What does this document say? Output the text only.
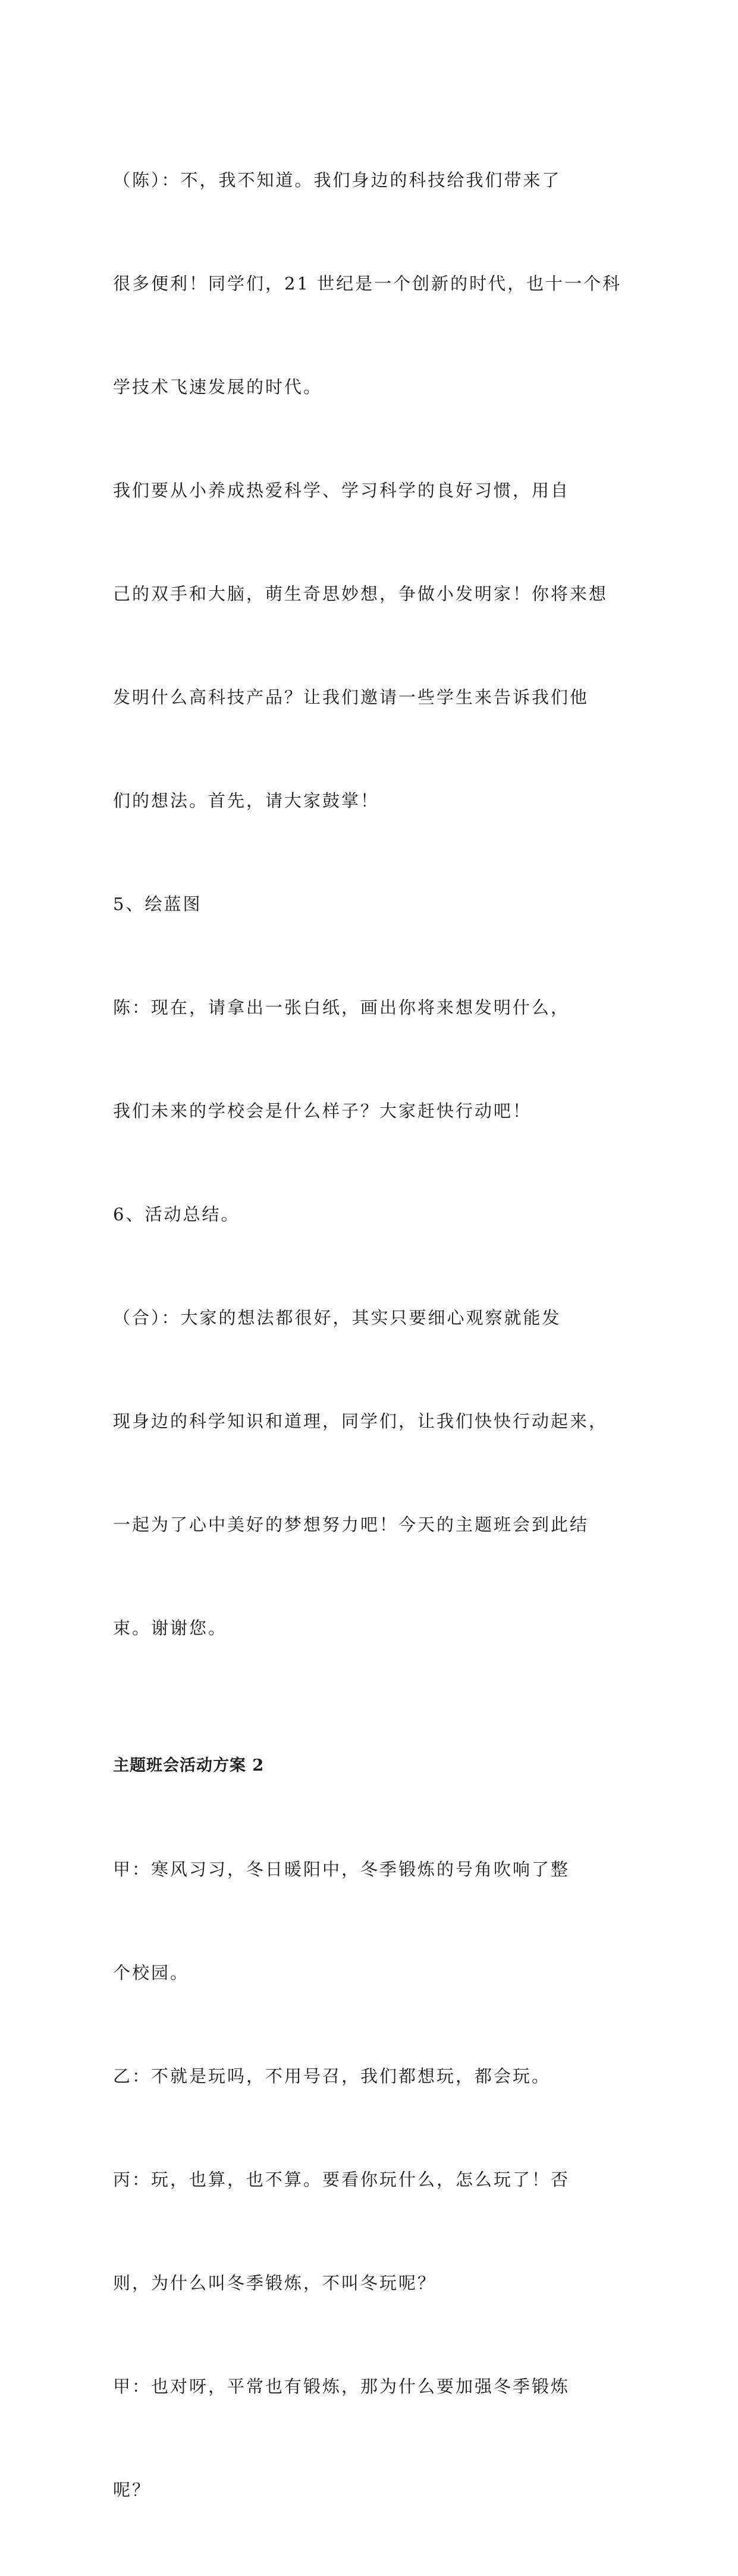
（陈）：不，我不知道。我们身边的科技给我们带来了

很多便利！同学们，21 世纪是一个创新的时代，也十一个科

学技术飞速发展的时代。

我们要从小养成热爱科学、学习科学的良好习惯，用自

己的双手和大脑，萌生奇思妙想，争做小发明家！你将来想

发明什么高科技产品？让我们邀请一些学生来告诉我们他

们的想法。首先，请大家鼓掌！

5、绘蓝图

陈：现在，请拿出一张白纸，画出你将来想发明什么，

我们未来的学校会是什么样子？大家赶快行动吧！

6、活动总结。

（合）：大家的想法都很好，其实只要细心观察就能发

现身边的科学知识和道理，同学们，让我们快快行动起来，

一起为了心中美好的梦想努力吧！今天的主题班会到此结

束。谢谢您。

主题班会活动方案 2

甲：寒风习习，冬日暖阳中，冬季锻炼的号角吹响了整

个校园。

乙：不就是玩吗，不用号召，我们都想玩，都会玩。

丙：玩，也算，也不算。要看你玩什么，怎么玩了！否

则，为什么叫冬季锻炼，不叫冬玩呢？

甲：也对呀，平常也有锻炼，那为什么要加强冬季锻炼

呢？
